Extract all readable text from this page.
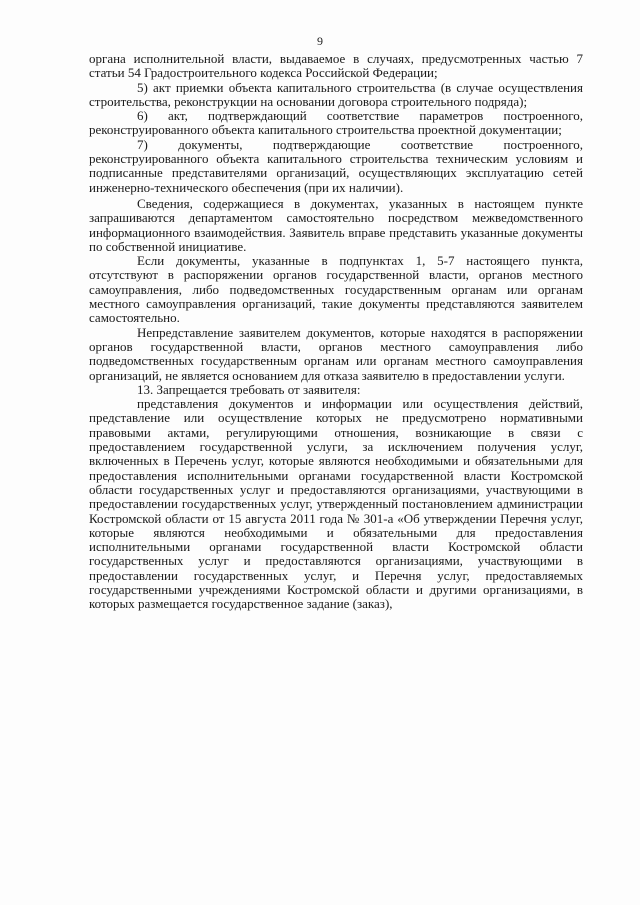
9

органа исполнительной власти, выдаваемое в случаях, предусмотренных частью 7 статьи 54 Градостроительного кодекса Российской Федерации;

5) акт приемки объекта капитального строительства (в случае осуществления строительства, реконструкции на основании договора строительного подряда);

6) акт, подтверждающий соответствие параметров построенного, реконструированного объекта капитального строительства проектной документации;

7) документы, подтверждающие соответствие построенного, реконструированного объекта капитального строительства техническим условиям и подписанные представителями организаций, осуществляющих эксплуатацию сетей инженерно-технического обеспечения (при их наличии).

Сведения, содержащиеся в документах, указанных в настоящем пункте запрашиваются департаментом самостоятельно посредством межведомственного информационного взаимодействия. Заявитель вправе представить указанные документы по собственной инициативе.

Если документы, указанные в подпунктах 1, 5-7 настоящего пункта, отсутствуют в распоряжении органов государственной власти, органов местного самоуправления, либо подведомственных государственным органам или органам местного самоуправления организаций, такие документы представляются заявителем самостоятельно.

Непредставление заявителем документов, которые находятся в распоряжении органов государственной власти, органов местного самоуправления либо подведомственных государственным органам или органам местного самоуправления организаций, не является основанием для отказа заявителю в предоставлении услуги.

13. Запрещается требовать от заявителя:

представления документов и информации или осуществления действий, представление или осуществление которых не предусмотрено нормативными правовыми актами, регулирующими отношения, возникающие в связи с предоставлением государственной услуги, за исключением получения услуг, включенных в Перечень услуг, которые являются необходимыми и обязательными для предоставления исполнительными органами государственной власти Костромской области государственных услуг и предоставляются организациями, участвующими в предоставлении государственных услуг, утвержденный постановлением администрации Костромской области от 15 августа 2011 года № 301-а «Об утверждении Перечня услуг, которые являются необходимыми и обязательными для предоставления исполнительными органами государственной власти Костромской области государственных услуг и предоставляются организациями, участвующими в предоставлении государственных услуг, и Перечня услуг, предоставляемых государственными учреждениями Костромской области и другими организациями, в которых размещается государственное задание (заказ),
